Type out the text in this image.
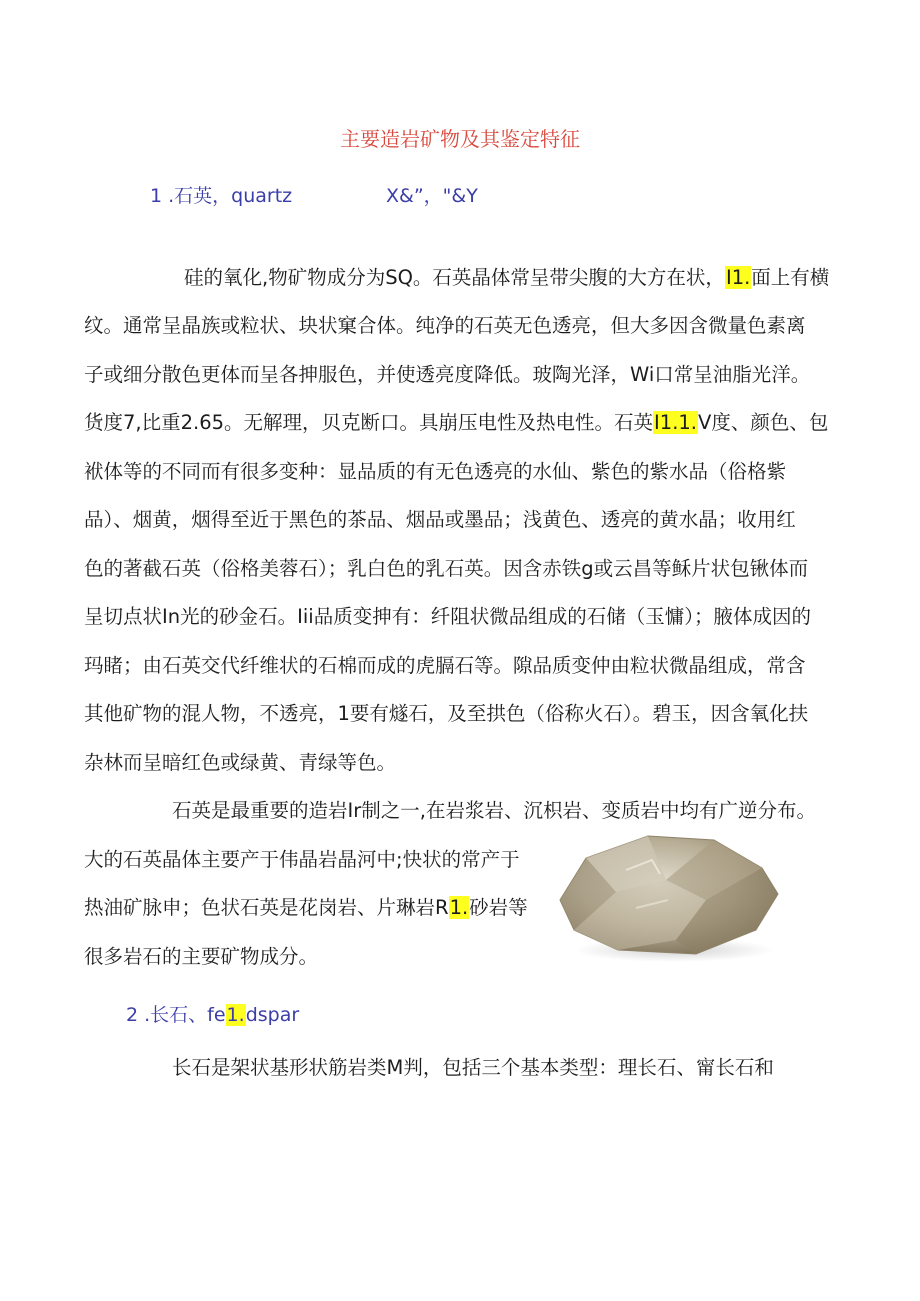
主要造岩矿物及其鉴定特征
1 .石英，quartz	X&”，"&Y
硅的氧化,物矿物成分为SQ。石英晶体常呈带尖腹的大方在状，I1.面上有横
纹。通常呈晶族或粒状、块状窠合体。纯净的石英无色透亮，但大多因含微量色素离
子或细分散色更体而呈各抻服色，并使透亮度降低。玻陶光泽，Wi口常呈油脂光洋。
货度7,比重2.65。无解理，贝克断口。具崩压电性及热电性。石英I1.1.V度、颜色、包
袱体等的不同而有很多变种：显品质的有无色透亮的水仙、紫色的紫水品（俗格紫
品）、烟黄，烟得至近于黑色的茶品、烟品或墨品；浅黄色、透亮的黄水晶；收用红
色的著截石英（俗格美蓉石）；乳白色的乳石英。因含赤铁g或云昌等稣片状包锹体而
呈切点状In光的砂金石。Iii品质变抻有：纤阻状微品组成的石储（玉慵）；腋体成因的
玛睹；由石英交代纤维状的石棉而成的虎膈石等。隙品质变仲由粒状微晶组成，常含
其他矿物的混人物，不透亮，1要有燧石，及至拱色（俗称火石）。碧玉，因含氧化扶
杂林而呈暗红色或绿黄、青绿等色。
石英是最重要的造岩Ir制之一,在岩浆岩、沉枳岩、变质岩中均有广逆分布。
大的石英晶体主要产于伟晶岩晶河中;快状的常产于
热油矿脉申；色状石英是花岗岩、片琳岩R1.砂岩等
很多岩石的主要矿物成分。
2 .长石、fe1.dspar
长石是架状基形状筋岩类M判，包括三个基本类型：理长石、甯长石和
